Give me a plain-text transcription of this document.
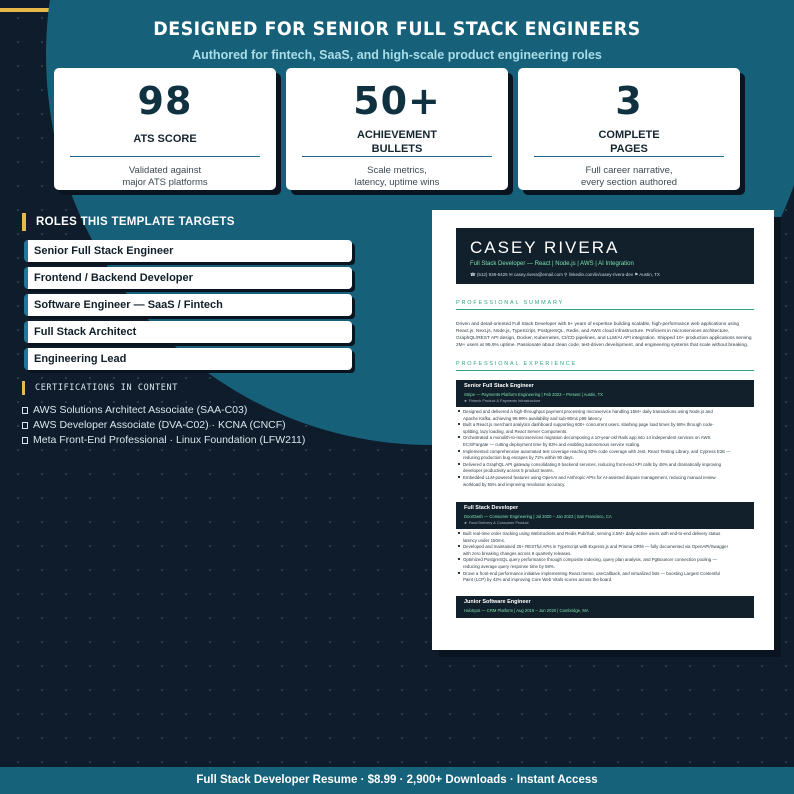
DESIGNED FOR SENIOR FULL STACK ENGINEERS
Authored for fintech, SaaS, and high-scale product engineering roles
98
ATS SCORE
Validated against
major ATS platforms
50+
ACHIEVEMENT
BULLETS
Scale metrics,
latency, uptime wins
3
COMPLETE
PAGES
Full career narrative,
every section authored
ROLES THIS TEMPLATE TARGETS
Senior Full Stack Engineer
Frontend / Backend Developer
Software Engineer — SaaS / Fintech
Full Stack Architect
Engineering Lead
CERTIFICATIONS IN CONTENT
AWS Solutions Architect Associate (SAA-C03)
AWS Developer Associate (DVA-C02) · KCNA (CNCF)
Meta Front-End Professional · Linux Foundation (LFW211)
CASEY RIVERA
Full Stack Developer — React | Node.js | AWS | AI Integration
☎ (512) 938-6425 ✉ casey.rivera@email.com ⚲ linkedin.com/in/casey-rivera-dev ⚑ Austin, TX
PROFESSIONAL SUMMARY
Driven and detail-oriented Full Stack Developer with 5+ years of expertise building scalable, high-performance web applications using
React.js, Next.js, Node.js, TypeScript, PostgreSQL, Redis, and AWS cloud infrastructure. Proficient in microservices architecture,
GraphQL/REST API design, Docker, Kubernetes, CI/CD pipelines, and LLM/AI API integration. Shipped 10+ production applications serving
2M+ users at 99.9% uptime. Passionate about clean code, test-driven development, and engineering systems that scale without breaking.
PROFESSIONAL EXPERIENCE
Senior Full Stack Engineer
Stripe — Payments Platform Engineering | Feb 2023 – Present | Austin, TX
► Fintech Product & Payments Infrastructure
Designed and delivered a high-throughput payment processing microservice handling 15M+ daily transactions using Node.js and
Apache Kafka, achieving 99.99% availability and sub-80ms p99 latency.
Built a React.js merchant analytics dashboard supporting 600+ concurrent users, slashing page load times by 68% through code-
splitting, lazy loading, and React Server Components.
Orchestrated a monolith-to-microservices migration decomposing a 10-year-old Rails app into 14 independent services on AWS
ECS/Fargate — cutting deployment time by 83% and enabling autonomous service scaling.
Implemented comprehensive automated test coverage reaching 93% code coverage with Jest, React Testing Library, and Cypress E2E —
reducing production bug escapes by 72% within 90 days.
Delivered a GraphQL API gateway consolidating 9 backend services, reducing front-end API calls by 48% and dramatically improving
developer productivity across 5 product teams.
Embedded LLM-powered features using OpenAI and Anthropic APIs for AI-assisted dispute management, reducing manual review
workload by 55% and improving resolution accuracy.
Full Stack Developer
DoorDash — Consumer Engineering | Jul 2020 – Jan 2023 | San Francisco, CA
► Food Delivery & Consumer Product
Built real-time order tracking using WebSockets and Redis Pub/Sub, serving 2.5M+ daily active users with end-to-end delivery status
latency under 150ms.
Developed and maintained 25+ RESTful APIs in TypeScript with Express.js and Prisma ORM — fully documented via OpenAPI/Swagger
with zero breaking changes across 8 quarterly releases.
Optimized PostgreSQL query performance through composite indexing, query plan analysis, and PgBouncer connection pooling —
reducing average query response time by 58%.
Drove a front-end performance initiative implementing React.memo, useCallback, and virtualized lists — boosting Largest Contentful
Paint (LCP) by 42% and improving Core Web Vitals scores across the board.
Junior Software Engineer
HubSpot — CRM Platform | Aug 2019 – Jun 2020 | Cambridge, MA
Full Stack Developer Resume · $8.99 · 2,900+ Downloads · Instant Access
